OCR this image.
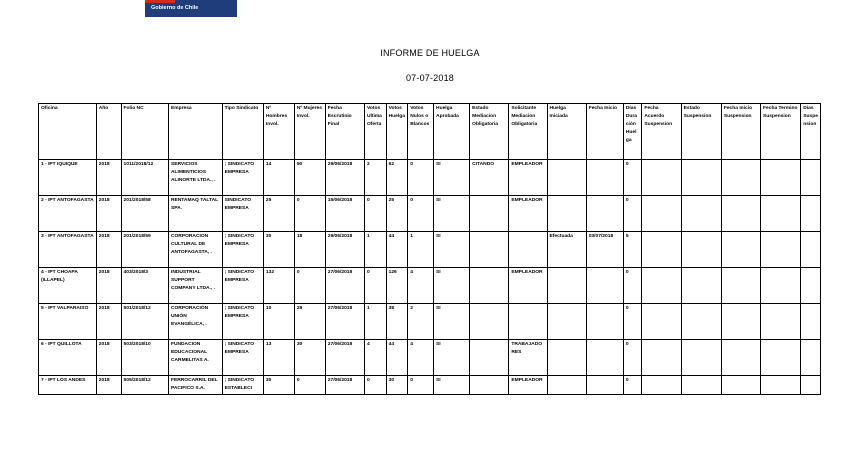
Gobierno de Chile
INFORME DE HUELGA
07-07-2018
Oficina	Año	Folio NC	Empresa	Tipo Sindicato	Nº Hombres Invol.	Nº Mujeres Invol.	Fecha Escrutinio Final	Votos Ultima Oferta	Votos Huelga	Votos Nulos o Blancos	Huelga Aprobada	Estado Mediacion Obligatoria	Solicitante Mediacion Obligatoria	Huelga Iniciada	Fecha Inicio	Días Duración Huelga	Fecha Acuerdo Suspension	Estado Suspension	Fecha Inicio Suspension	Fecha Termino Suspension	Días Suspension
1 - IPT IQUIQUE	2018	1011/2018/12	SERVICIOS ALIMENTICIOS ALINORTE LTDA., .	; SINDICATO EMPRESA	14	50	29/06/2018	2	62	0	SI	CITANDO	EMPLEADOR			0					
2 - IPT ANTOFAGASTA	2018	201/2018/58	RENTAMAQ TALTAL SPA.	SINDICATO EMPRESA	25	0	15/06/2018	0	25	0	SI		EMPLEADOR			0					
3 - IPT ANTOFAGASTA	2018	201/2018/59	CORPORACION CULTURAL DE ANTOFAGASTA, .	; SINDICATO EMPRESA	30	18	29/06/2018	1	44	1	SI			Efectuada	03/07/2018	5					
4 - IPT CHOAPA (ILLAPEL)	2018	403/2018/3	INDUSTRIAL SUPPORT COMPANY LTDA., .	; SINDICATO EMPRESA	132	0	27/06/2018	0	126	4	SI		EMPLEADOR			0					
5 - IPT VALPARAISO	2018	501/2018/12	CORPORACIÓN UNIÓN EVANGÉLICA, .	; SINDICATO EMPRESA	10	29	27/06/2018	1	38	2	SI					0					
6 - IPT QUILLOTA	2018	503/2018/10	FUNDACION EDUCACIONAL CARMELITAS A.	; SINDICATO EMPRESA	13	30	27/06/2018	4	44	4	SI		TRABAJADORES			0					
7 - IPT LOS ANDES	2018	505/2018/12	FERROCARRIL DEL PACIFICO S.A.	; SINDICATO ESTABLECI	30	0	27/06/2018	0	30	0	SI		EMPLEADOR			0					
